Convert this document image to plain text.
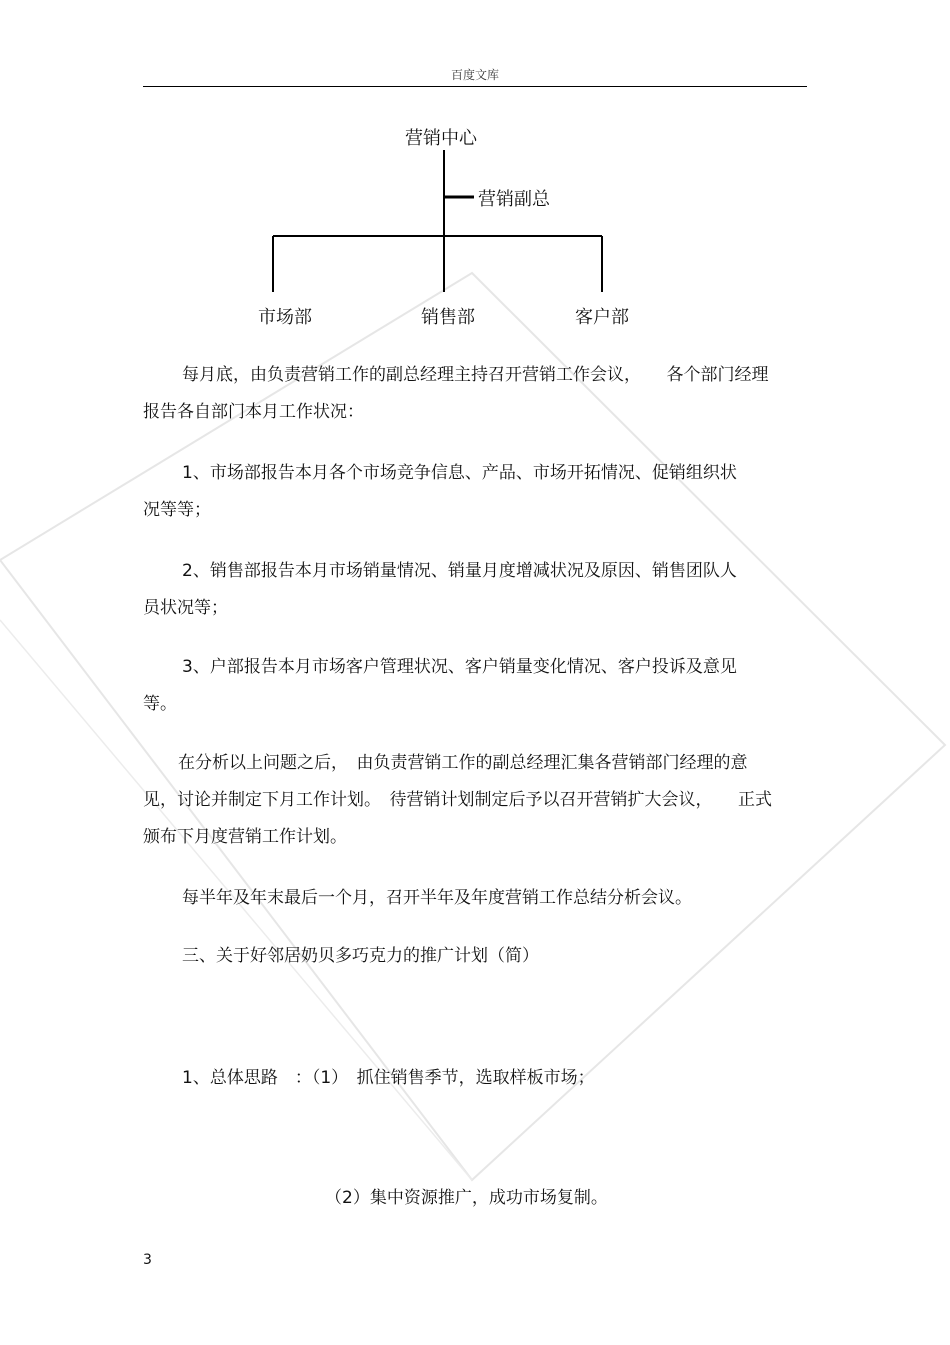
百度文库
营销中心
营销副总
市场部	销售部	客户部
每月底，由负责营销工作的副总经理主持召开营销工作会议，　　各个部门经理
报告各自部门本月工作状况：
1、市场部报告本月各个市场竞争信息、产品、市场开拓情况、促销组织状
况等等；
2、销售部报告本月市场销量情况、销量月度增减状况及原因、销售团队人
员状况等；
3、户部报告本月市场客户管理状况、客户销量变化情况、客户投诉及意见
等。
在分析以上问题之后，　由负责营销工作的副总经理汇集各营销部门经理的意
见，讨论并制定下月工作计划。　待营销计划制定后予以召开营销扩大会议，　　正式
颁布下月度营销工作计划。
每半年及年末最后一个月，召开半年及年度营销工作总结分析会议。
三、关于好邻居奶贝多巧克力的推广计划（简）
1、总体思路　：（1）　抓住销售季节，选取样板市场；
（2）集中资源推广，成功市场复制。
3
